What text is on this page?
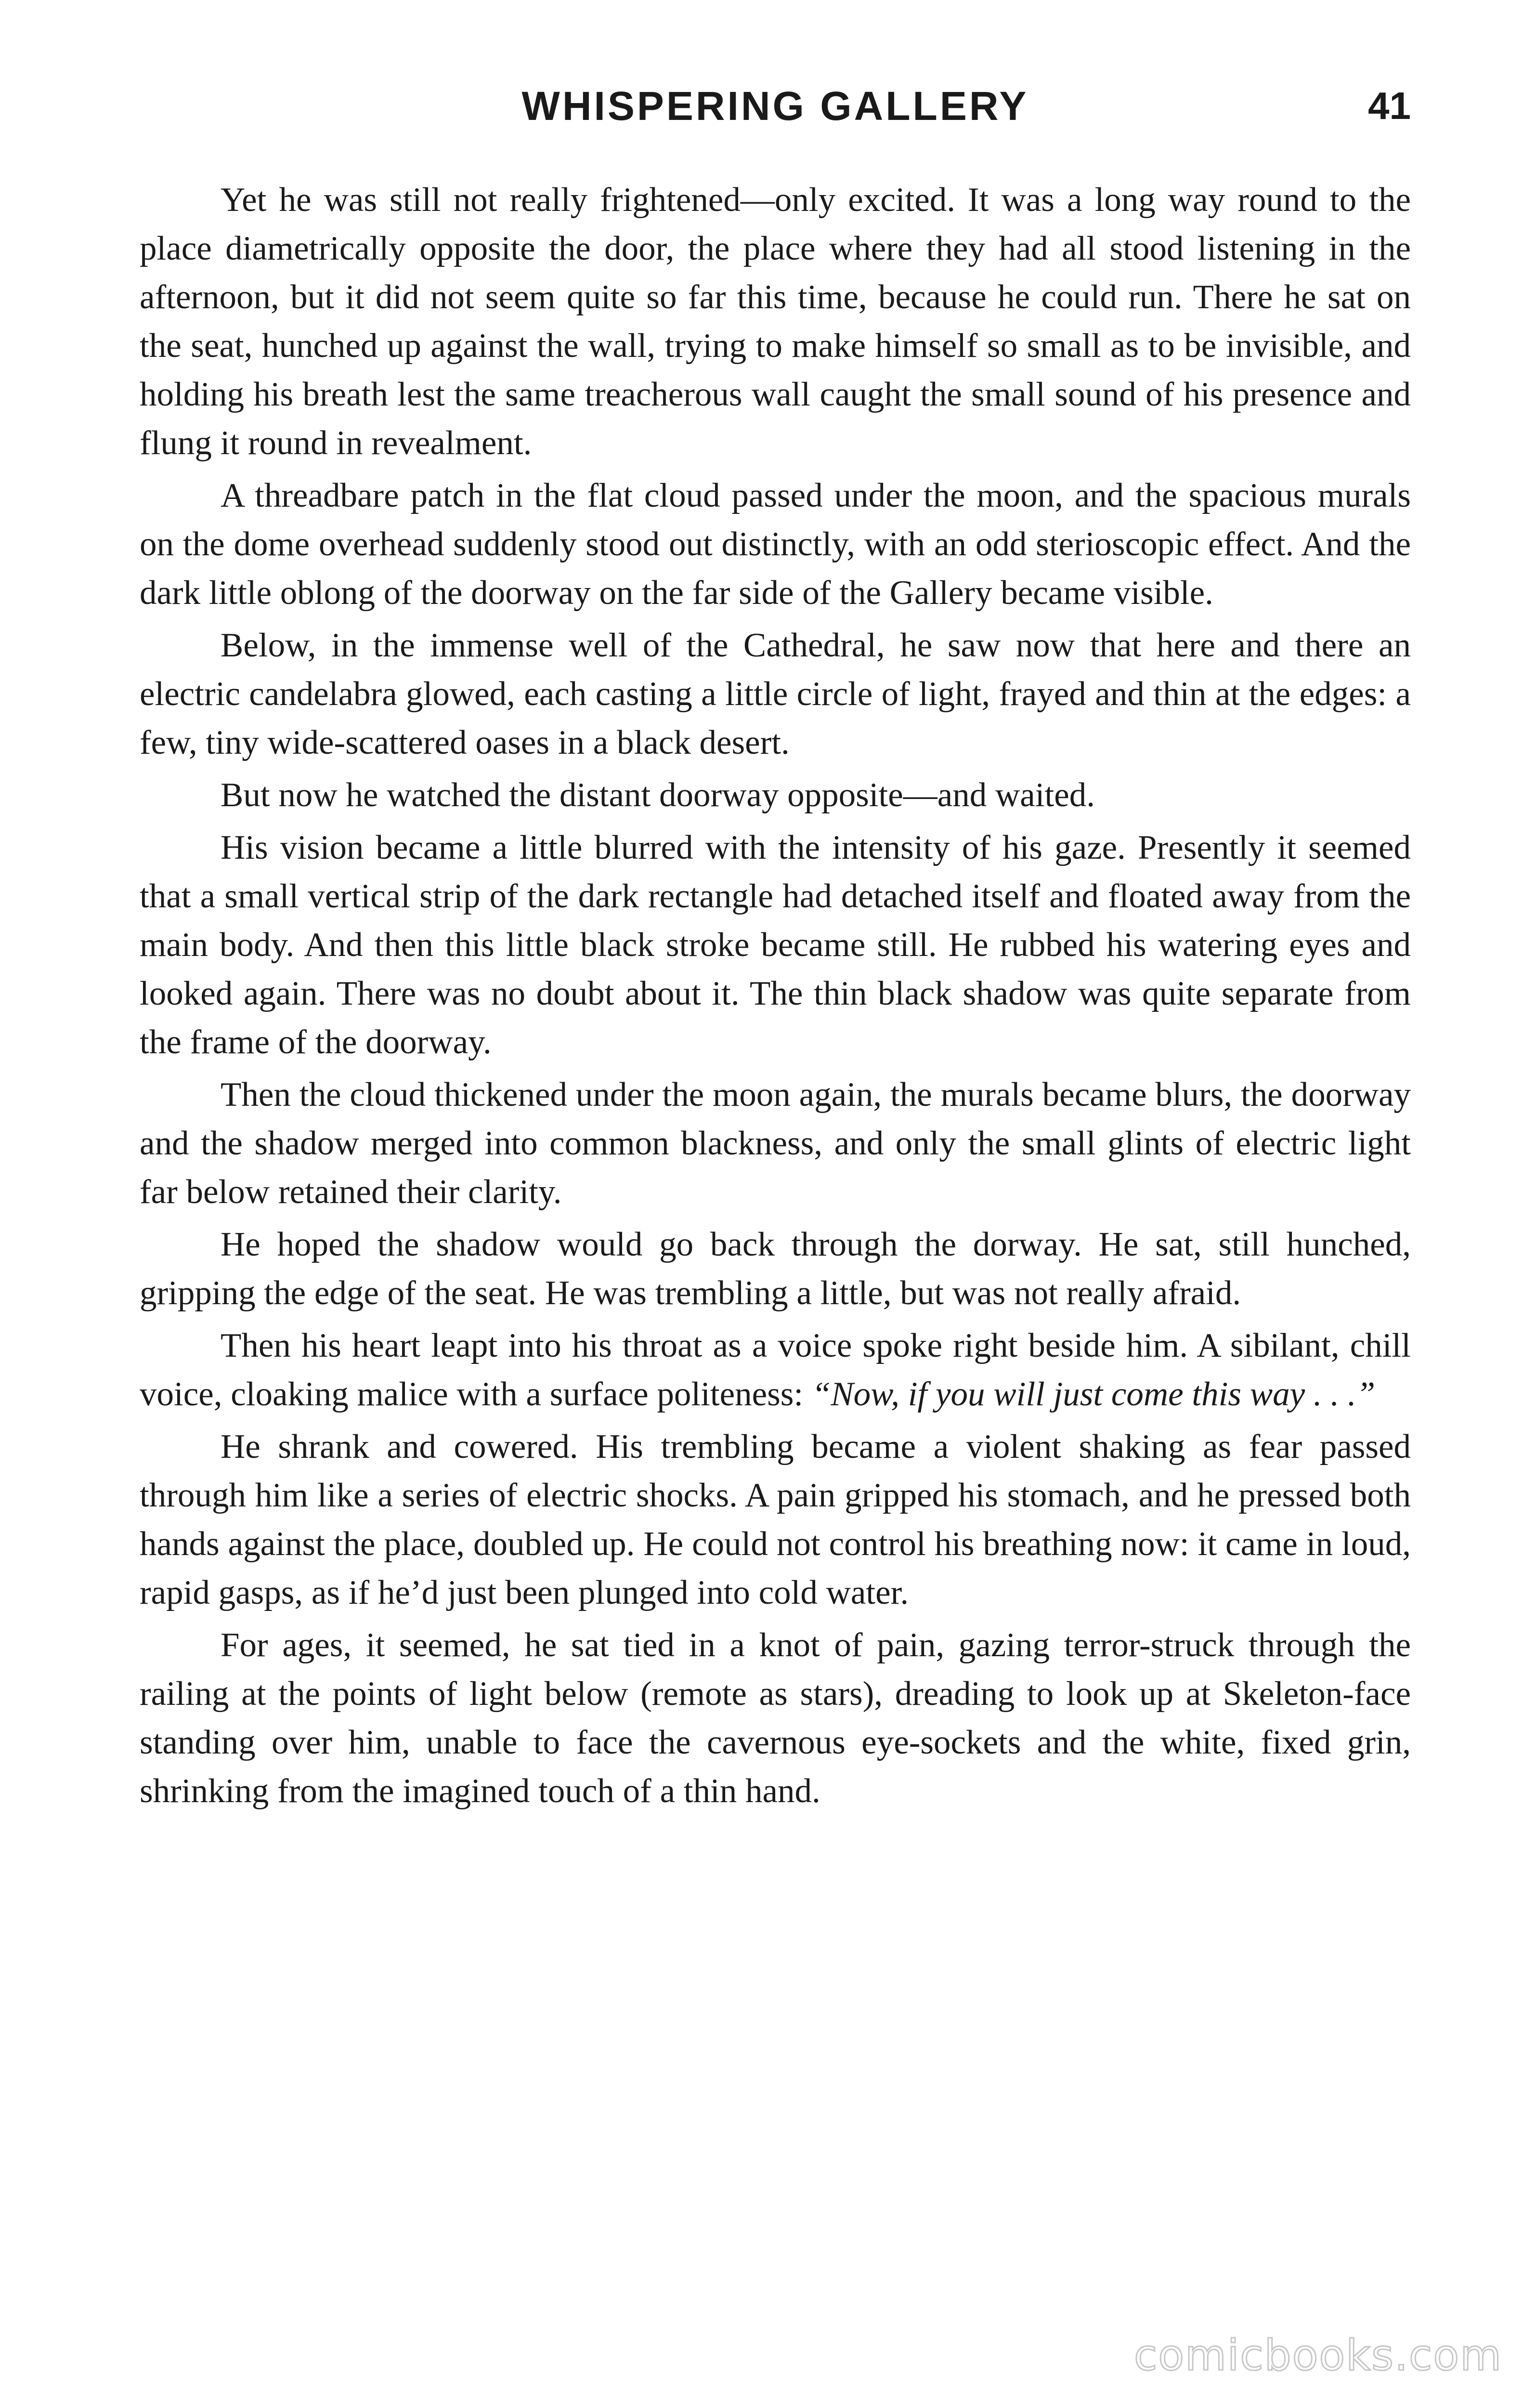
WHISPERING GALLERY	41

Yet he was still not really frightened—only excited. It was a long way round to the place diametrically opposite the door, the place where they had all stood listening in the afternoon, but it did not seem quite so far this time, because he could run. There he sat on the seat, hunched up against the wall, trying to make himself so small as to be invisible, and holding his breath lest the same treacherous wall caught the small sound of his presence and flung it round in revealment.

A threadbare patch in the flat cloud passed under the moon, and the spacious murals on the dome overhead suddenly stood out distinctly, with an odd sterioscopic effect. And the dark little oblong of the doorway on the far side of the Gallery became visible.

Below, in the immense well of the Cathedral, he saw now that here and there an electric candelabra glowed, each casting a little circle of light, frayed and thin at the edges: a few, tiny wide-scattered oases in a black desert.

But now he watched the distant doorway opposite—and waited.

His vision became a little blurred with the intensity of his gaze. Presently it seemed that a small vertical strip of the dark rectangle had detached itself and floated away from the main body. And then this little black stroke became still. He rubbed his watering eyes and looked again. There was no doubt about it. The thin black shadow was quite separate from the frame of the doorway.

Then the cloud thickened under the moon again, the murals became blurs, the doorway and the shadow merged into common blackness, and only the small glints of electric light far below retained their clarity.

He hoped the shadow would go back through the dorway. He sat, still hunched, gripping the edge of the seat. He was trembling a little, but was not really afraid.

Then his heart leapt into his throat as a voice spoke right beside him. A sibilant, chill voice, cloaking malice with a surface politeness: “Now, if you will just come this way . . .”

He shrank and cowered. His trembling became a violent shaking as fear passed through him like a series of electric shocks. A pain gripped his stomach, and he pressed both hands against the place, doubled up. He could not control his breathing now: it came in loud, rapid gasps, as if he’d just been plunged into cold water.

For ages, it seemed, he sat tied in a knot of pain, gazing terror-struck through the railing at the points of light below (remote as stars), dreading to look up at Skeleton-face standing over him, unable to face the cavernous eye-sockets and the white, fixed grin, shrinking from the imagined touch of a thin hand.

comicbooks.com
